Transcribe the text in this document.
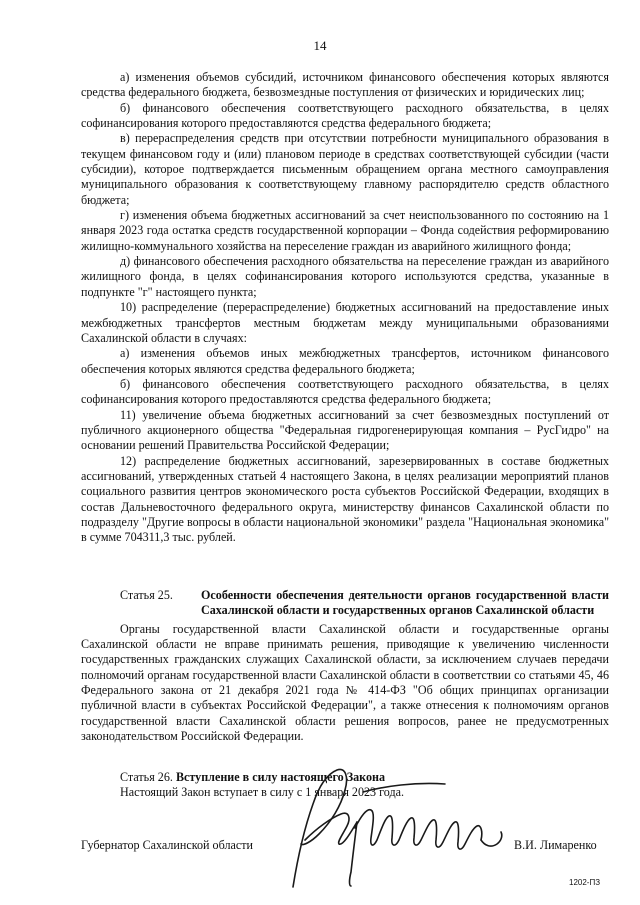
14

а) изменения объемов субсидий, источником финансового обеспечения которых являются средства федерального бюджета, безвозмездные поступления от физических и юридических лиц;

б) финансового обеспечения соответствующего расходного обязательства, в целях софинансирования которого предоставляются средства федерального бюджета;

в) перераспределения средств при отсутствии потребности муниципального образования в текущем финансовом году и (или) плановом периоде в средствах соответствующей субсидии (части субсидии), которое подтверждается письменным обращением органа местного самоуправления муниципального образования к соответствующему главному распорядителю средств областного бюджета;

г) изменения объема бюджетных ассигнований за счет неиспользованного по состоянию на 1 января 2023 года остатка средств государственной корпорации – Фонда содействия реформированию жилищно-коммунального хозяйства на переселение граждан из аварийного жилищного фонда;

д) финансового обеспечения расходного обязательства на переселение граждан из аварийного жилищного фонда, в целях софинансирования которого используются средства, указанные в подпункте "г" настоящего пункта;

10) распределение (перераспределение) бюджетных ассигнований на предоставление иных межбюджетных трансфертов местным бюджетам между муниципальными образованиями Сахалинской области в случаях:

а) изменения объемов иных межбюджетных трансфертов, источником финансового обеспечения которых являются средства федерального бюджета;

б) финансового обеспечения соответствующего расходного обязательства, в целях софинансирования которого предоставляются средства федерального бюджета;

11) увеличение объема бюджетных ассигнований за счет безвозмездных поступлений от публичного акционерного общества "Федеральная гидрогенерирующая компания – РусГидро" на основании решений Правительства Российской Федерации;

12) распределение бюджетных ассигнований, зарезервированных в составе бюджетных ассигнований, утвержденных статьей 4 настоящего Закона, в целях реализации мероприятий планов социального развития центров экономического роста субъектов Российской Федерации, входящих в состав Дальневосточного федерального округа, министерству финансов Сахалинской области по подразделу "Другие вопросы в области национальной экономики" раздела "Национальная экономика" в сумме 704311,3 тыс. рублей.

Статья 25.	Особенности обеспечения деятельности органов государственной власти Сахалинской области и государственных органов Сахалинской области

Органы государственной власти Сахалинской области и государственные органы Сахалинской области не вправе принимать решения, приводящие к увеличению численности государственных гражданских служащих Сахалинской области, за исключением случаев передачи полномочий органам государственной власти Сахалинской области в соответствии со статьями 45, 46 Федерального закона от 21 декабря 2021 года № 414-ФЗ "Об общих принципах организации публичной власти в субъектах Российской Федерации", а также отнесения к полномочиям органов государственной власти Сахалинской области решения вопросов, ранее не предусмотренных законодательством Российской Федерации.

Статья 26. Вступление в силу настоящего Закона

Настоящий Закон вступает в силу с 1 января 2023 года.

Губернатор Сахалинской области	В.И. Лимаренко
1202-ПЗ
